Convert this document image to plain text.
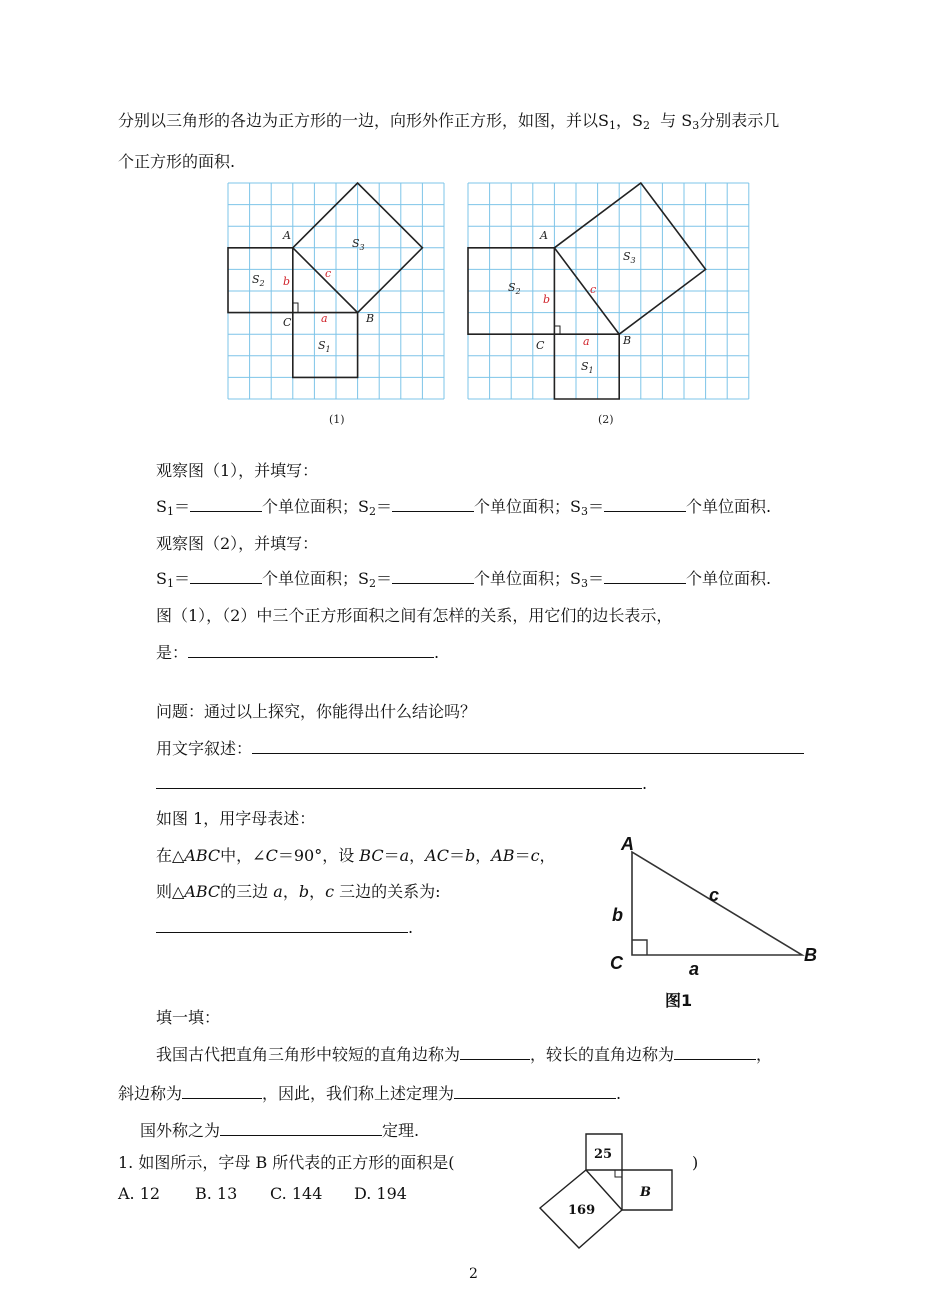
分别以三角形的各边为正方形的一边，向形外作正方形，如图，并以$S_1$，$S_2$ 与 $S_3$分别表示几
个正方形的面积.
A
C	B
b
a
c
$S_2$
$S_1$
$S_3$
(1)
A
C	B
b
a
c
$S_2$
$S_1$
$S_3$
(2)
观察图（1），并填写：
$S_1=$	个单位面积；$S_2=$	个单位面积；$S_3=$	个单位面积.
观察图（2），并填写：
$S_1=$	个单位面积；$S_2=$	个单位面积；$S_3=$	个单位面积.
图（1），（2）中三个正方形面积之间有怎样的关系，用它们的边长表示，
是：	.
问题：通过以上探究，你能得出什么结论吗？
用文字叙述：
.
如图 1，用字母表述：
在△ABC中，∠C＝90°，设 BC＝a，AC＝b，AB＝c，
则△ABC的三边 a，b，c 三边的关系为:
.
A
C	B
b
a
c
图1
填一填：
我国古代把直角三角形中较短的直角边称为	，较长的直角边称为	，
斜边称为	，因此，我们称上述定理为	.
国外称之为	定理.
1. 如图所示，字母 B 所代表的正方形的面积是(	)
A. 12 B. 13 C. 144 D. 194
25
B
169
2
